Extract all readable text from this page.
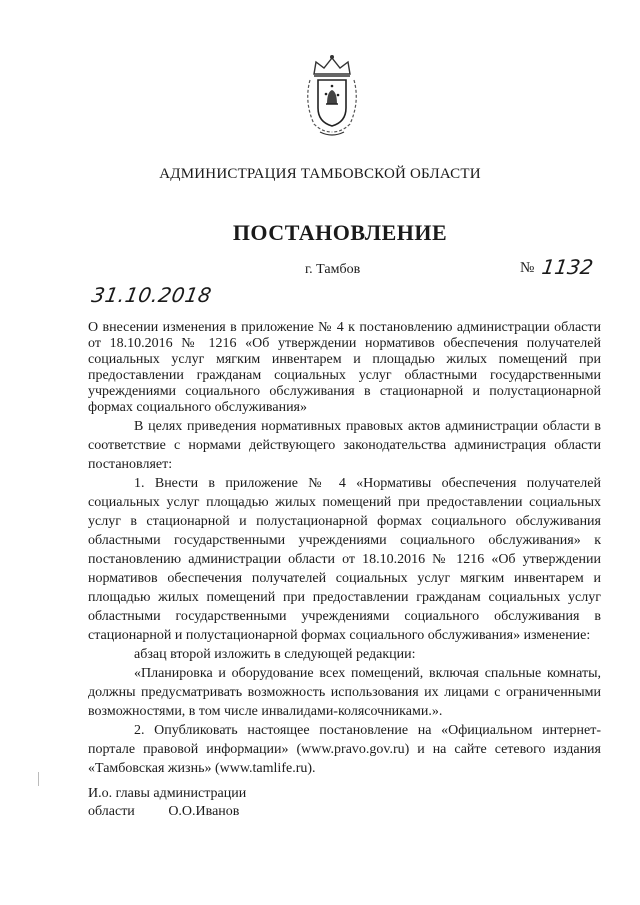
АДМИНИСТРАЦИЯ ТАМБОВСКОЙ ОБЛАСТИ
ПОСТАНОВЛЕНИЕ
г. Тамбов	№ 1132
31.10.2018
О внесении изменения в приложение № 4 к постановлению администрации области от 18.10.2016 № 1216 «Об утверждении нормативов обеспечения получателей социальных услуг мягким инвентарем и площадью жилых помещений при предоставлении гражданам социальных услуг областными государственными учреждениями социального обслуживания в стационарной и полустационарной формах социального обслуживания»

В целях приведения нормативных правовых актов администрации области в соответствие с нормами действующего законодательства администрация области постановляет:

1. Внести в приложение № 4 «Нормативы обеспечения получателей социальных услуг площадью жилых помещений при предоставлении социальных услуг в стационарной и полустационарной формах социального обслуживания областными государственными учреждениями социального обслуживания» к постановлению администрации области от 18.10.2016 № 1216 «Об утверждении нормативов обеспечения получателей социальных услуг мягким инвентарем и площадью жилых помещений при предоставлении гражданам социальных услуг областными государственными учреждениями социального обслуживания в стационарной и полустационарной формах социального обслуживания» изменение:

абзац второй изложить в следующей редакции:

«Планировка и оборудование всех помещений, включая спальные комнаты, должны предусматривать возможность использования их лицами с ограниченными возможностями, в том числе инвалидами-колясочниками.».

2. Опубликовать настоящее постановление на «Официальном интернет-портале правовой информации» (www.pravo.gov.ru) и на сайте сетевого издания «Тамбовская жизнь» (www.tamlife.ru).

И.о. главы администрации
области О.О.Иванов
